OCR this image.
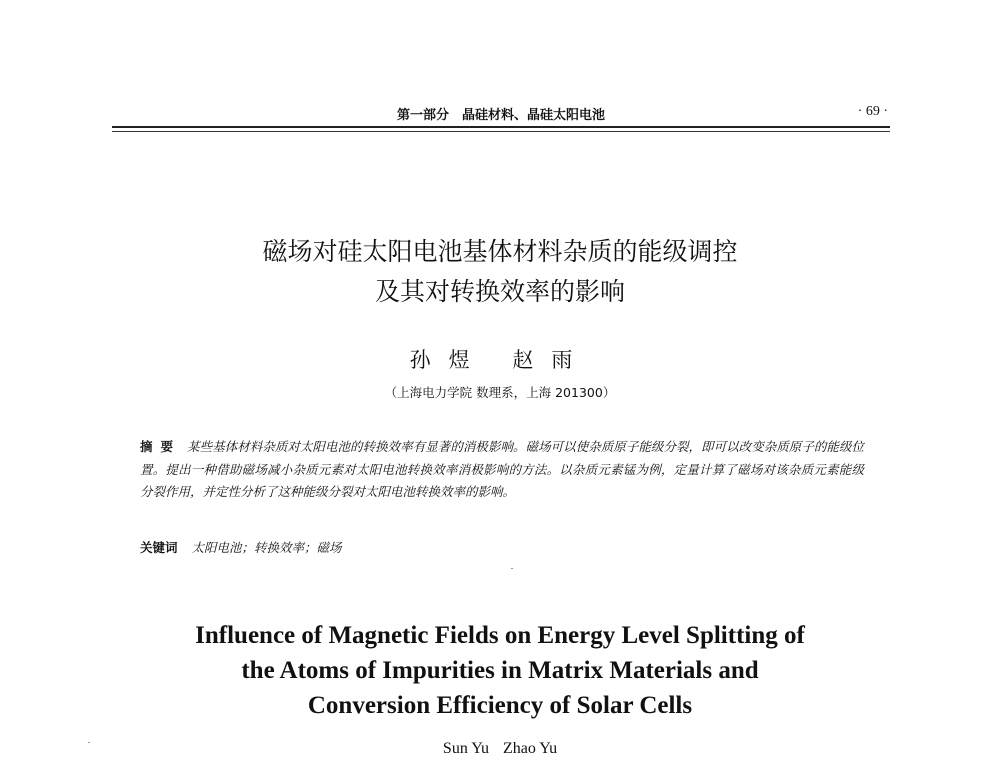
第一部分　晶硅材料、晶硅太阳电池	· 69 ·
磁场对硅太阳电池基体材料杂质的能级调控
及其对转换效率的影响
孙煜 赵雨
（上海电力学院 数理系，上海 201300）
摘要 某些基体材料杂质对太阳电池的转换效率有显著的消极影响。磁场可以使杂质原子能级分裂，即可以改变杂质原子的能级位置。提出一种借助磁场减小杂质元素对太阳电池转换效率消极影响的方法。以杂质元素锰为例，定量计算了磁场对该杂质元素能级分裂作用，并定性分析了这种能级分裂对太阳电池转换效率的影响。
关键词 太阳电池；转换效率；磁场
Influence of Magnetic Fields on Energy Level Splitting of
the Atoms of Impurities in Matrix Materials and
Conversion Efficiency of Solar Cells
Sun Yu Zhao Yu
